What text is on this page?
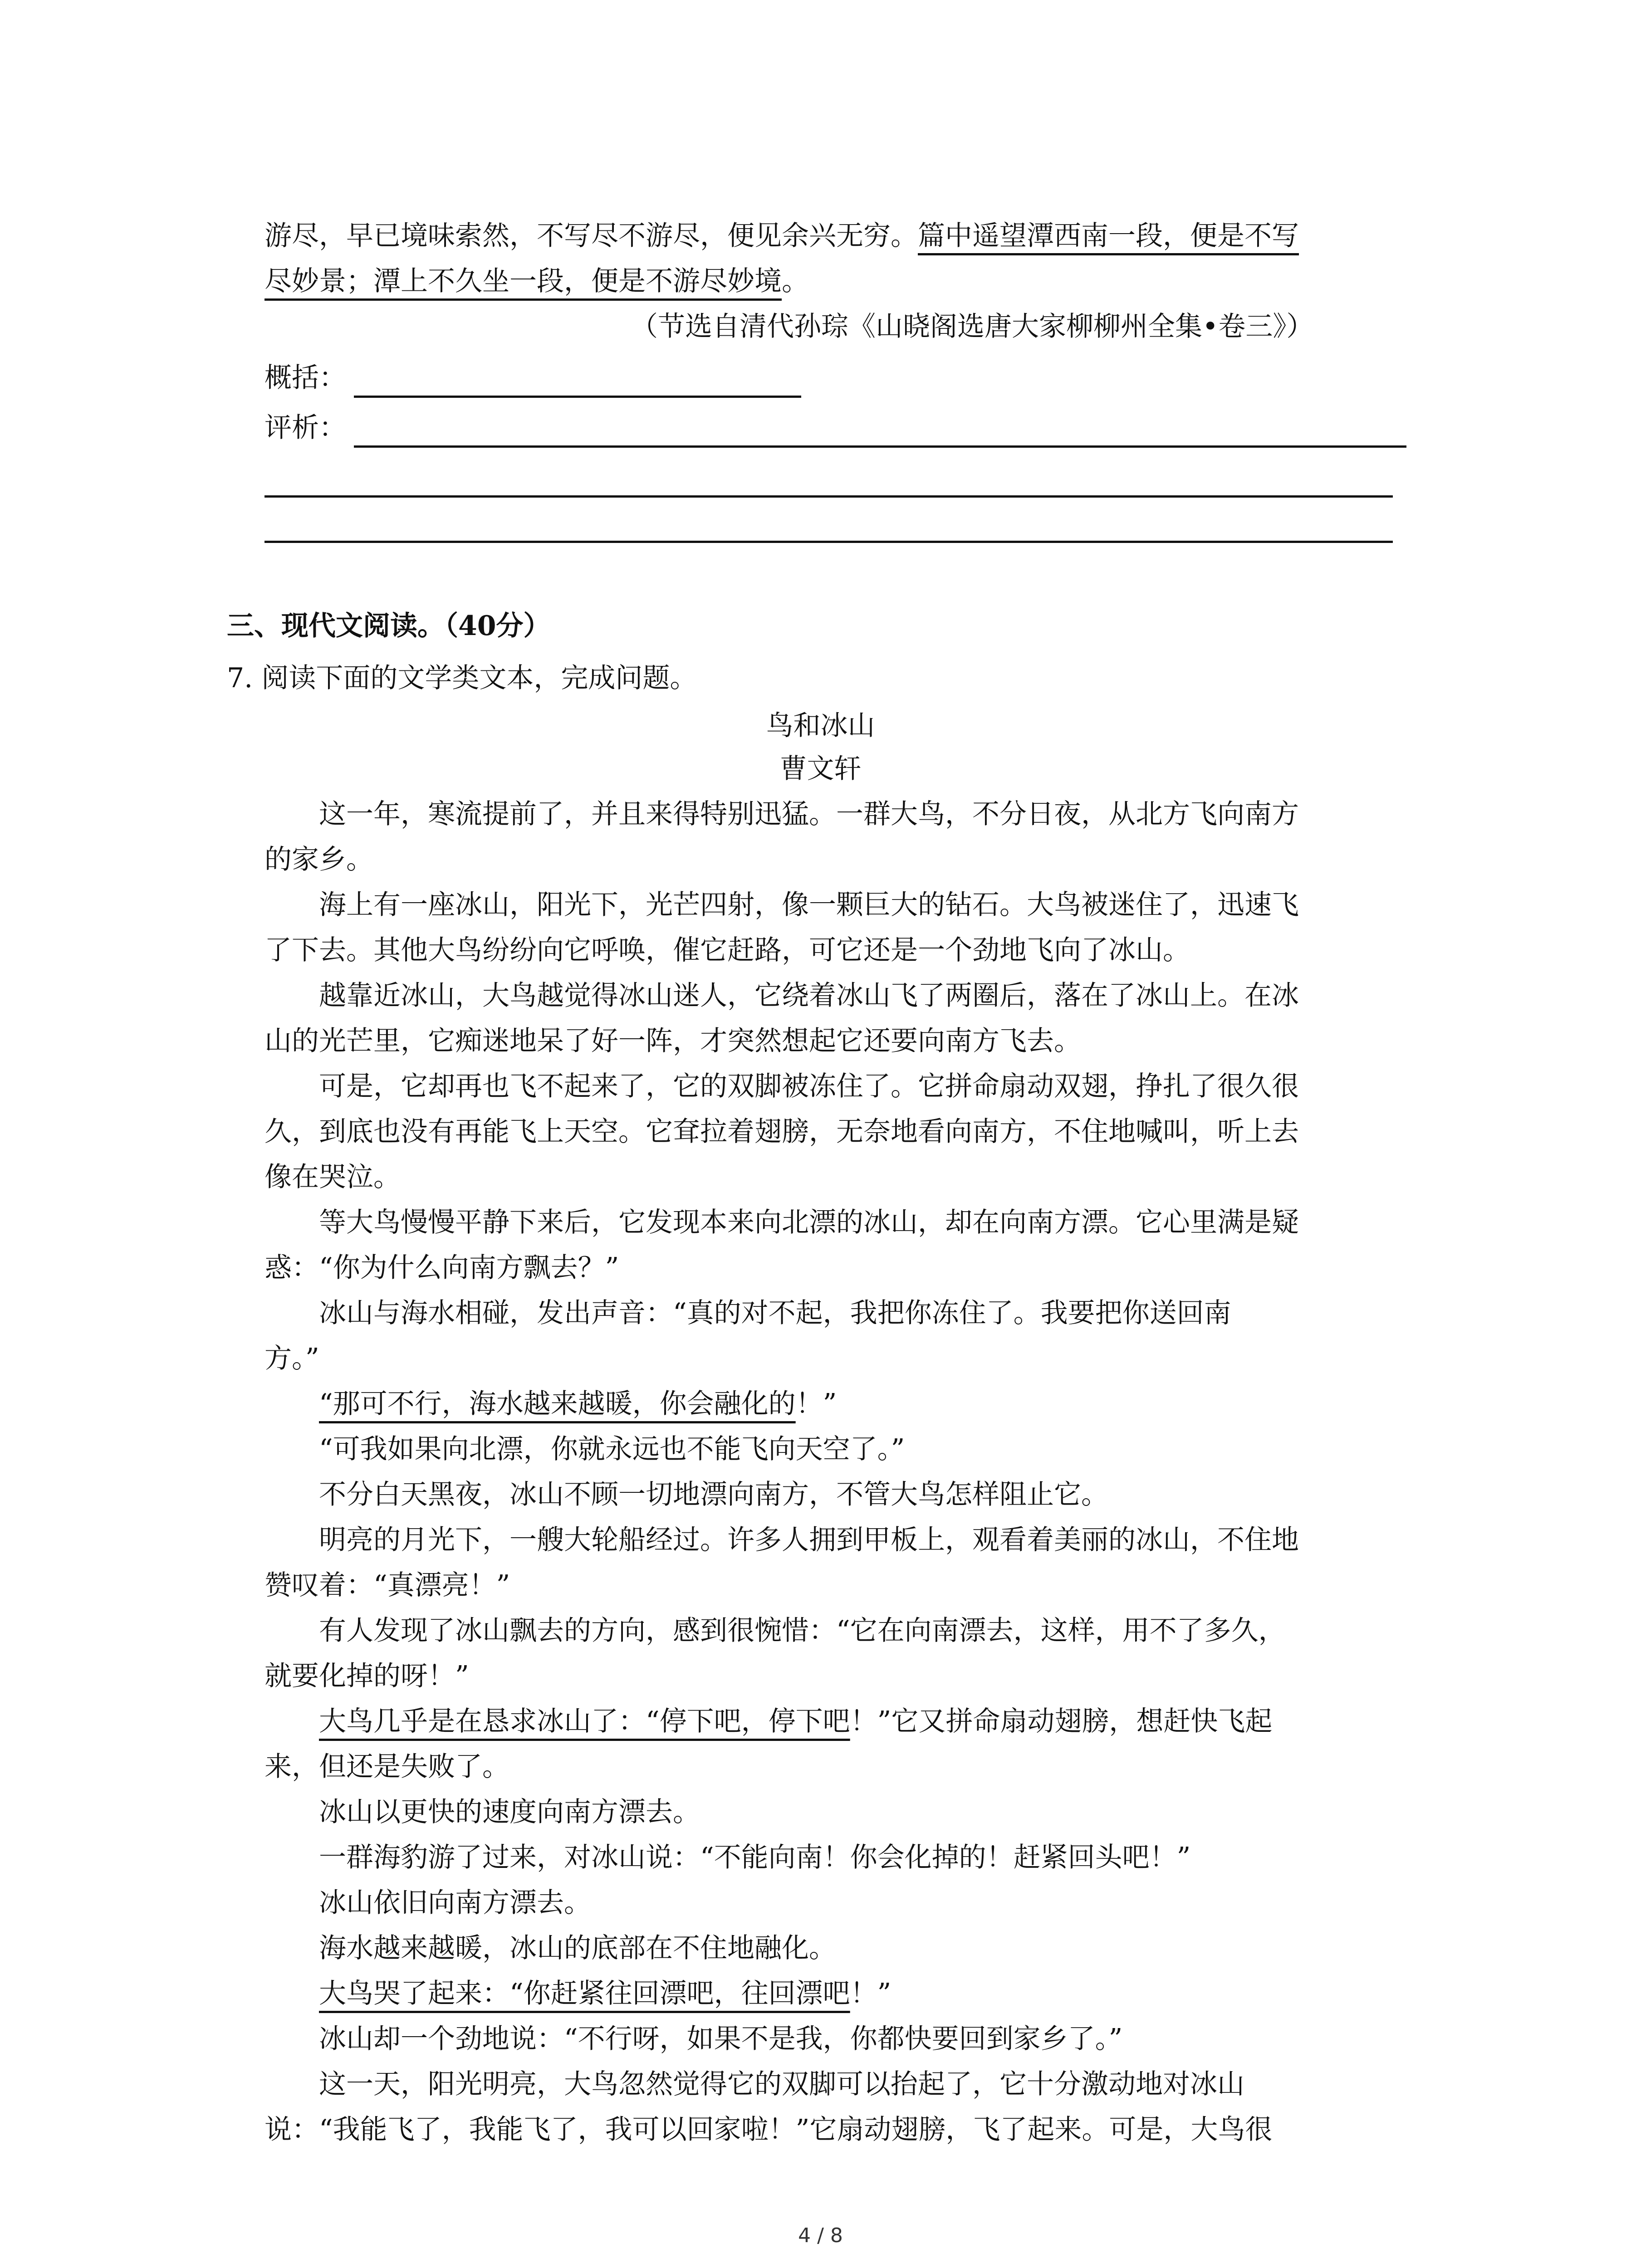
游尽，早已境味索然，不写尽不游尽，便见余兴无穷。篇中遥望潭西南一段，便是不写
尽妙景；潭上不久坐一段，便是不游尽妙境。
（节选自清代孙琮《山晓阁选唐大家柳柳州全集•卷三》）
概括：
评析：
三、现代文阅读。（40分）
7. 阅读下面的文学类文本，完成问题。
鸟和冰山
曹文轩
这一年，寒流提前了，并且来得特别迅猛。一群大鸟，不分日夜，从北方飞向南方
的家乡。
海上有一座冰山，阳光下，光芒四射，像一颗巨大的钻石。大鸟被迷住了，迅速飞
了下去。其他大鸟纷纷向它呼唤，催它赶路，可它还是一个劲地飞向了冰山。
越靠近冰山，大鸟越觉得冰山迷人，它绕着冰山飞了两圈后，落在了冰山上。在冰
山的光芒里，它痴迷地呆了好一阵，才突然想起它还要向南方飞去。
可是，它却再也飞不起来了，它的双脚被冻住了。它拼命扇动双翅，挣扎了很久很
久，到底也没有再能飞上天空。它耷拉着翅膀，无奈地看向南方，不住地喊叫，听上去
像在哭泣。
等大鸟慢慢平静下来后，它发现本来向北漂的冰山，却在向南方漂。它心里满是疑
惑：“你为什么向南方飘去？”
冰山与海水相碰，发出声音：“真的对不起，我把你冻住了。我要把你送回南
方。”
“那可不行，海水越来越暖，你会融化的！”
“可我如果向北漂，你就永远也不能飞向天空了。”
不分白天黑夜，冰山不顾一切地漂向南方，不管大鸟怎样阻止它。
明亮的月光下，一艘大轮船经过。许多人拥到甲板上，观看着美丽的冰山，不住地
赞叹着：“真漂亮！”
有人发现了冰山飘去的方向，感到很惋惜：“它在向南漂去，这样，用不了多久，
就要化掉的呀！”
大鸟几乎是在恳求冰山了：“停下吧，停下吧！”它又拼命扇动翅膀，想赶快飞起
来，但还是失败了。
冰山以更快的速度向南方漂去。
一群海豹游了过来，对冰山说：“不能向南！你会化掉的！赶紧回头吧！”
冰山依旧向南方漂去。
海水越来越暖，冰山的底部在不住地融化。
大鸟哭了起来：“你赶紧往回漂吧，往回漂吧！”
冰山却一个劲地说：“不行呀，如果不是我，你都快要回到家乡了。”
这一天，阳光明亮，大鸟忽然觉得它的双脚可以抬起了，它十分激动地对冰山
说：“我能飞了，我能飞了，我可以回家啦！”它扇动翅膀，飞了起来。可是，大鸟很
4 / 8
